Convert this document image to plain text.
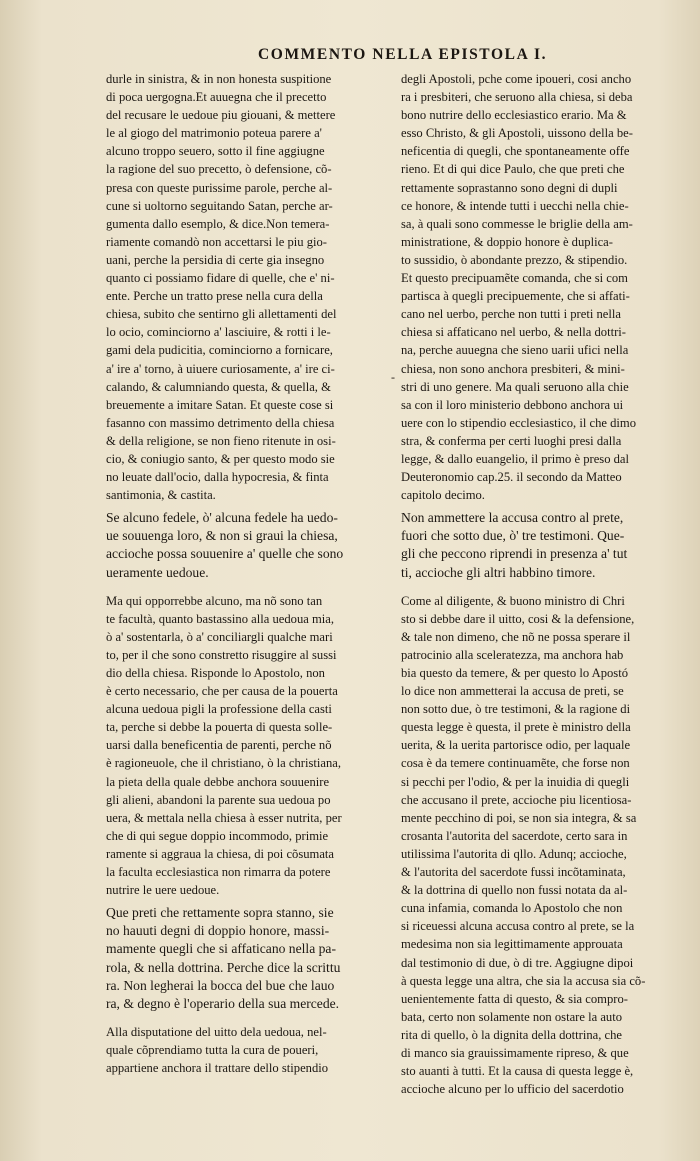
COMMENTO NELLA EPISTOLA I.
-
durle in sinistra, & in non honesta suspitione
di poca uergogna.Et auuegna che il precetto
del recusare le uedoue piu giouani, & mettere
le al giogo del matrimonio poteua parere a'
alcuno troppo seuero, sotto il fine aggiugne
la ragione del suo precetto, ò defensione, cõ-
presa con queste purissime parole, perche al-
cune si uoltorno seguitando Satan, perche ar-
gumenta dallo esemplo, & dice.Non temera-
riamente comandò non accettarsi le piu gio-
uani, perche la persidia di certe gia insegno
quanto ci possiamo fidare di quelle, che e' ni-
ente. Perche un tratto prese nella cura della
chiesa, subito che sentirno gli allettamenti del
lo ocio, cominciorno a' lasciuire, & rotti i le-
gami dela pudicitia, cominciorno a fornicare,
a' ire a' torno, à uiuere curiosamente, a' ire ci-
calando, & calumniando questa, & quella, &
breuemente a imitare Satan. Et queste cose si
fasanno con massimo detrimento della chiesa
& della religione, se non fieno ritenute in osi-
cio, & coniugio santo, & per questo modo sie
no leuate dall'ocio, dalla hypocresia, & finta
santimonia, & castita.
Se alcuno fedele, ò' alcuna fedele ha uedo-
ue souuenga loro, & non si graui la chiesa,
accioche possa souuenire a' quelle che sono
ueramente uedoue.
Ma qui opporrebbe alcuno, ma nõ sono tan
te facultà, quanto bastassino alla uedoua mia,
ò a' sostentarla, ò a' conciliargli qualche mari
to, per il che sono constretto risuggire al sussi
dio della chiesa. Risponde lo Apostolo, non
è certo necessario, che per causa de la pouerta
alcuna uedoua pigli la professione della casti
ta, perche si debbe la pouerta di questa solle-
uarsi dalla beneficentia de parenti, perche nõ
è ragioneuole, che il christiano, ò la christiana,
la pieta della quale debbe anchora souuenire
gli alieni, abandoni la parente sua uedoua po
uera, & mettala nella chiesa à esser nutrita, per
che di qui segue doppio incommodo, primie
ramente si aggraua la chiesa, di poi cõsumata
la faculta ecclesiastica non rimarra da potere
nutrire le uere uedoue.
Que preti che rettamente sopra stanno, sie
no hauuti degni di doppio honore, massi-
mamente quegli che si affaticano nella pa-
rola, & nella dottrina. Perche dice la scrittu
ra. Non legherai la bocca del bue che lauo
ra, & degno è l'operario della sua mercede.
Alla disputatione del uitto dela uedoua, nel-
quale cõprendiamo tutta la cura de poueri,
appartiene anchora il trattare dello stipendio
degli Apostoli, pche come ipoueri, cosi ancho
ra i presbiteri, che seruono alla chiesa, si deba
bono nutrire dello ecclesiastico erario. Ma &
esso Christo, & gli Apostoli, uissono della be-
neficentia di quegli, che spontaneamente offe
rieno. Et di qui dice Paulo, che que preti che
rettamente soprastanno sono degni di dupli
ce honore, & intende tutti i uecchi nella chie-
sa, à quali sono commesse le briglie della am-
ministratione, & doppio honore è duplica-
to sussidio, ò abondante prezzo, & stipendio.
Et questo precipuamẽte comanda, che si com
partisca à quegli precipuemente, che si affati-
cano nel uerbo, perche non tutti i preti nella
chiesa si affaticano nel uerbo, & nella dottri-
na, perche auuegna che sieno uarii ufici nella
chiesa, non sono anchora presbiteri, & mini-
stri di uno genere. Ma quali seruono alla chie
sa con il loro ministerio debbono anchora ui
uere con lo stipendio ecclesiastico, il che dimo
stra, & conferma per certi luoghi presi dalla
legge, & dallo euangelio, il primo è preso dal
Deuteronomio cap.25. il secondo da Matteo
capitolo decimo.
Non ammettere la accusa contro al prete,
fuori che sotto due, ò' tre testimoni. Que-
gli che peccono riprendi in presenza a' tut
ti, accioche gli altri habbino timore.
Come al diligente, & buono ministro di Chri
sto si debbe dare il uitto, cosi & la defensione,
& tale non dimeno, che nõ ne possa sperare il
patrocinio alla sceleratezza, ma anchora hab
bia questo da temere, & per questo lo Apostó
lo dice non ammetterai la accusa de preti, se
non sotto due, ò tre testimoni, & la ragione di
questa legge è questa, il prete è ministro della
uerita, & la uerita partorisce odio, per laquale
cosa è da temere continuamẽte, che forse non
si pecchi per l'odio, & per la inuidia di quegli
che accusano il prete, accioche piu licentiosa-
mente pecchino di poi, se non sia integra, & sa
crosanta l'autorita del sacerdote, certo sara in
utilissima l'autorita di qllo. Adunq; accioche,
& l'autorita del sacerdote fussi incõtaminata,
& la dottrina di quello non fussi notata da al-
cuna infamia, comanda lo Apostolo che non
si riceuessi alcuna accusa contro al prete, se la
medesima non sia legittimamente approuata
dal testimonio di due, ò di tre. Aggiugne dipoi
à questa legge una altra, che sia la accusa sia cõ-
uenientemente fatta di questo, & sia compro-
bata, certo non solamente non ostare la auto
rita di quello, ò la dignita della dottrina, che
di manco sia grauissimamente ripreso, & que
sto auanti à tutti. Et la causa di questa legge è,
accioche alcuno per lo ufficio del sacerdotio
